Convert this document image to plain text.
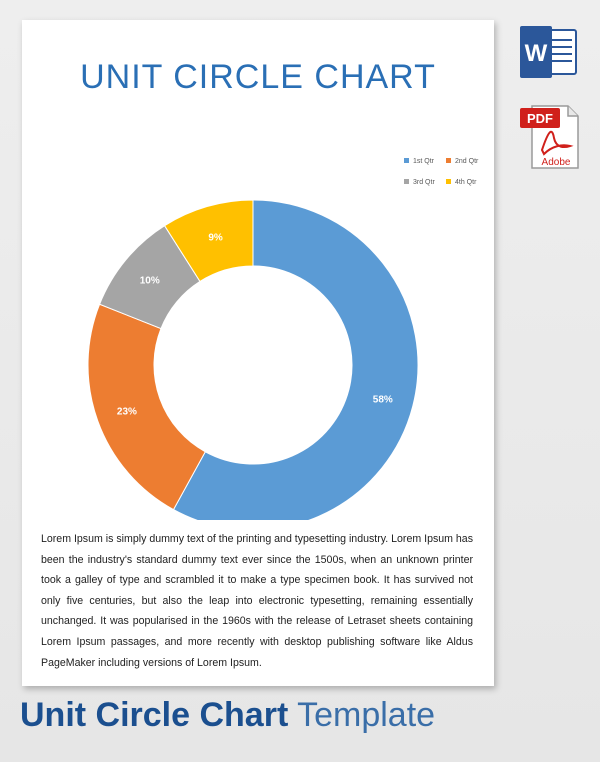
UNIT CIRCLE CHART
58%
23%
10%
9%
1st Qtr	2nd Qtr
3rd Qtr	4th Qtr

Lorem Ipsum is simply dummy text of the printing and typesetting industry. Lorem Ipsum has been the industry's standard dummy text ever since the 1500s, when an unknown printer took a galley of type and scrambled it to make a type specimen book. It has survived not only five centuries, but also the leap into electronic typesetting, remaining essentially unchanged. It was popularised in the 1960s with the release of Letraset sheets containing Lorem Ipsum passages, and more recently with desktop publishing software like Aldus PageMaker including versions of Lorem Ipsum.

W
PDF
Adobe
Unit Circle Chart Template
